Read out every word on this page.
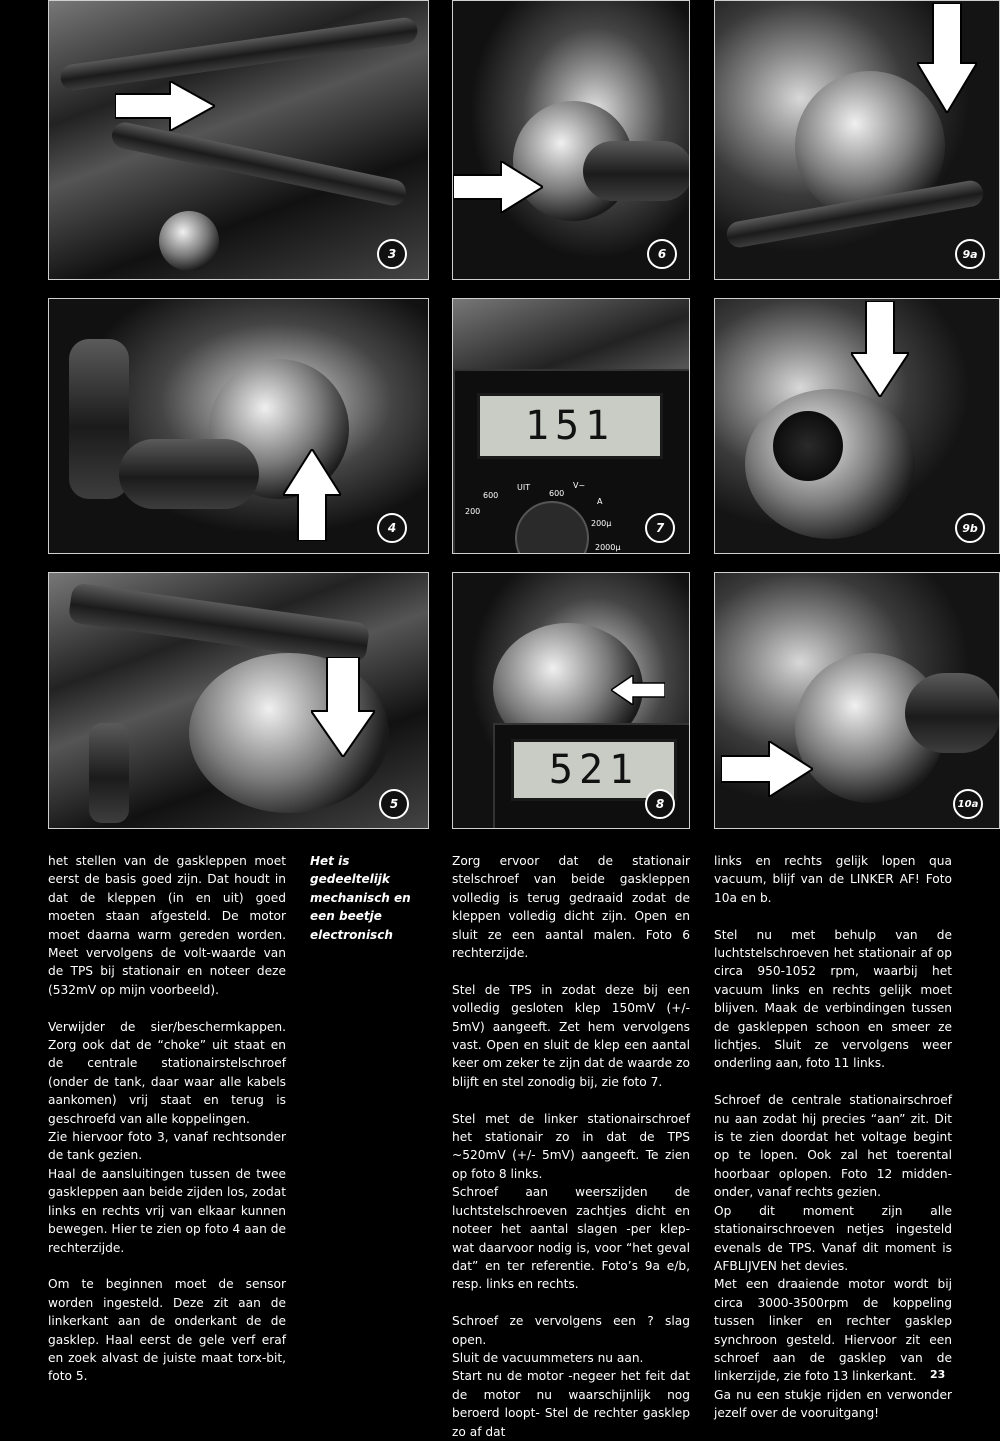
3	6	9a
4
151
600
UIT
600
V~
200
A
200μ
2000μ
7	9b
5
521
8	10a

het stellen van de gaskleppen moet eerst de basis goed zijn. Dat houdt in dat de kleppen (in en uit) goed moeten staan afgesteld. De motor moet daarna warm gereden worden. Meet vervolgens de volt-waarde van de TPS bij stationair en noteer deze (532mV op mijn voorbeeld).

Verwijder de sier/beschermkappen. Zorg ook dat de “choke” uit staat en de centrale stationairstelschroef (onder de tank, daar waar alle kabels aankomen) vrij staat en terug is geschroefd van alle koppelingen.

Zie hiervoor foto 3, vanaf rechtsonder de tank gezien.

Haal de aansluitingen tussen de twee gaskleppen aan beide zijden los, zodat links en rechts vrij van elkaar kunnen bewegen. Hier te zien op foto 4 aan de rechterzijde.

Om te beginnen moet de sensor worden ingesteld. Deze zit aan de linkerkant aan de onderkant de de gasklep. Haal eerst de gele verf eraf en zoek alvast de juiste maat torx-bit, foto 5.

Het is gedeeltelijk mechanisch en een beetje electronisch

Zorg ervoor dat de stationair stelschroef van beide gaskleppen volledig is terug gedraaid zodat de kleppen volledig dicht zijn. Open en sluit ze een aantal malen. Foto 6 rechterzijde.

Stel de TPS in zodat deze bij een volledig gesloten klep 150mV (+/- 5mV) aangeeft. Zet hem vervolgens vast. Open en sluit de klep een aantal keer om zeker te zijn dat de waarde zo blijft en stel zonodig bij, zie foto 7.

Stel met de linker stationairschroef het stationair zo in dat de TPS ~520mV (+/- 5mV) aangeeft. Te zien op foto 8 links.

Schroef aan weerszijden de luchtstelschroeven zachtjes dicht en noteer het aantal slagen -per klep- wat daarvoor nodig is, voor “het geval dat” en ter referentie. Foto’s 9a e/b, resp. links en rechts.

Schroef ze vervolgens een ? slag open.

Sluit de vacuummeters nu aan.

Start nu de motor -negeer het feit dat de motor nu waarschijnlijk nog beroerd loopt- Stel de rechter gasklep zo af dat

links en rechts gelijk lopen qua vacuum, blijf van de LINKER AF! Foto 10a en b.

Stel nu met behulp van de luchtstelschroeven het stationair af op circa 950-1052 rpm, waarbij het vacuum links en rechts gelijk moet blijven. Maak de verbindingen tussen de gaskleppen schoon en smeer ze lichtjes. Sluit ze vervolgens weer onderling aan, foto 11 links.

Schroef de centrale stationairschroef nu aan zodat hij precies “aan” zit. Dit is te zien doordat het voltage begint op te lopen. Ook zal het toerental hoorbaar oplopen. Foto 12 midden-onder, vanaf rechts gezien.

Op dit moment zijn alle stationairschroeven netjes ingesteld evenals de TPS. Vanaf dit moment is AFBLIJVEN het devies.

Met een draaiende motor wordt bij circa 3000-3500rpm de koppeling tussen linker en rechter gasklep synchroon gesteld. Hiervoor zit een schroef aan de gasklep van de linkerzijde, zie foto 13 linkerkant.

Ga nu een stukje rijden en verwonder jezelf over de vooruitgang!

23
